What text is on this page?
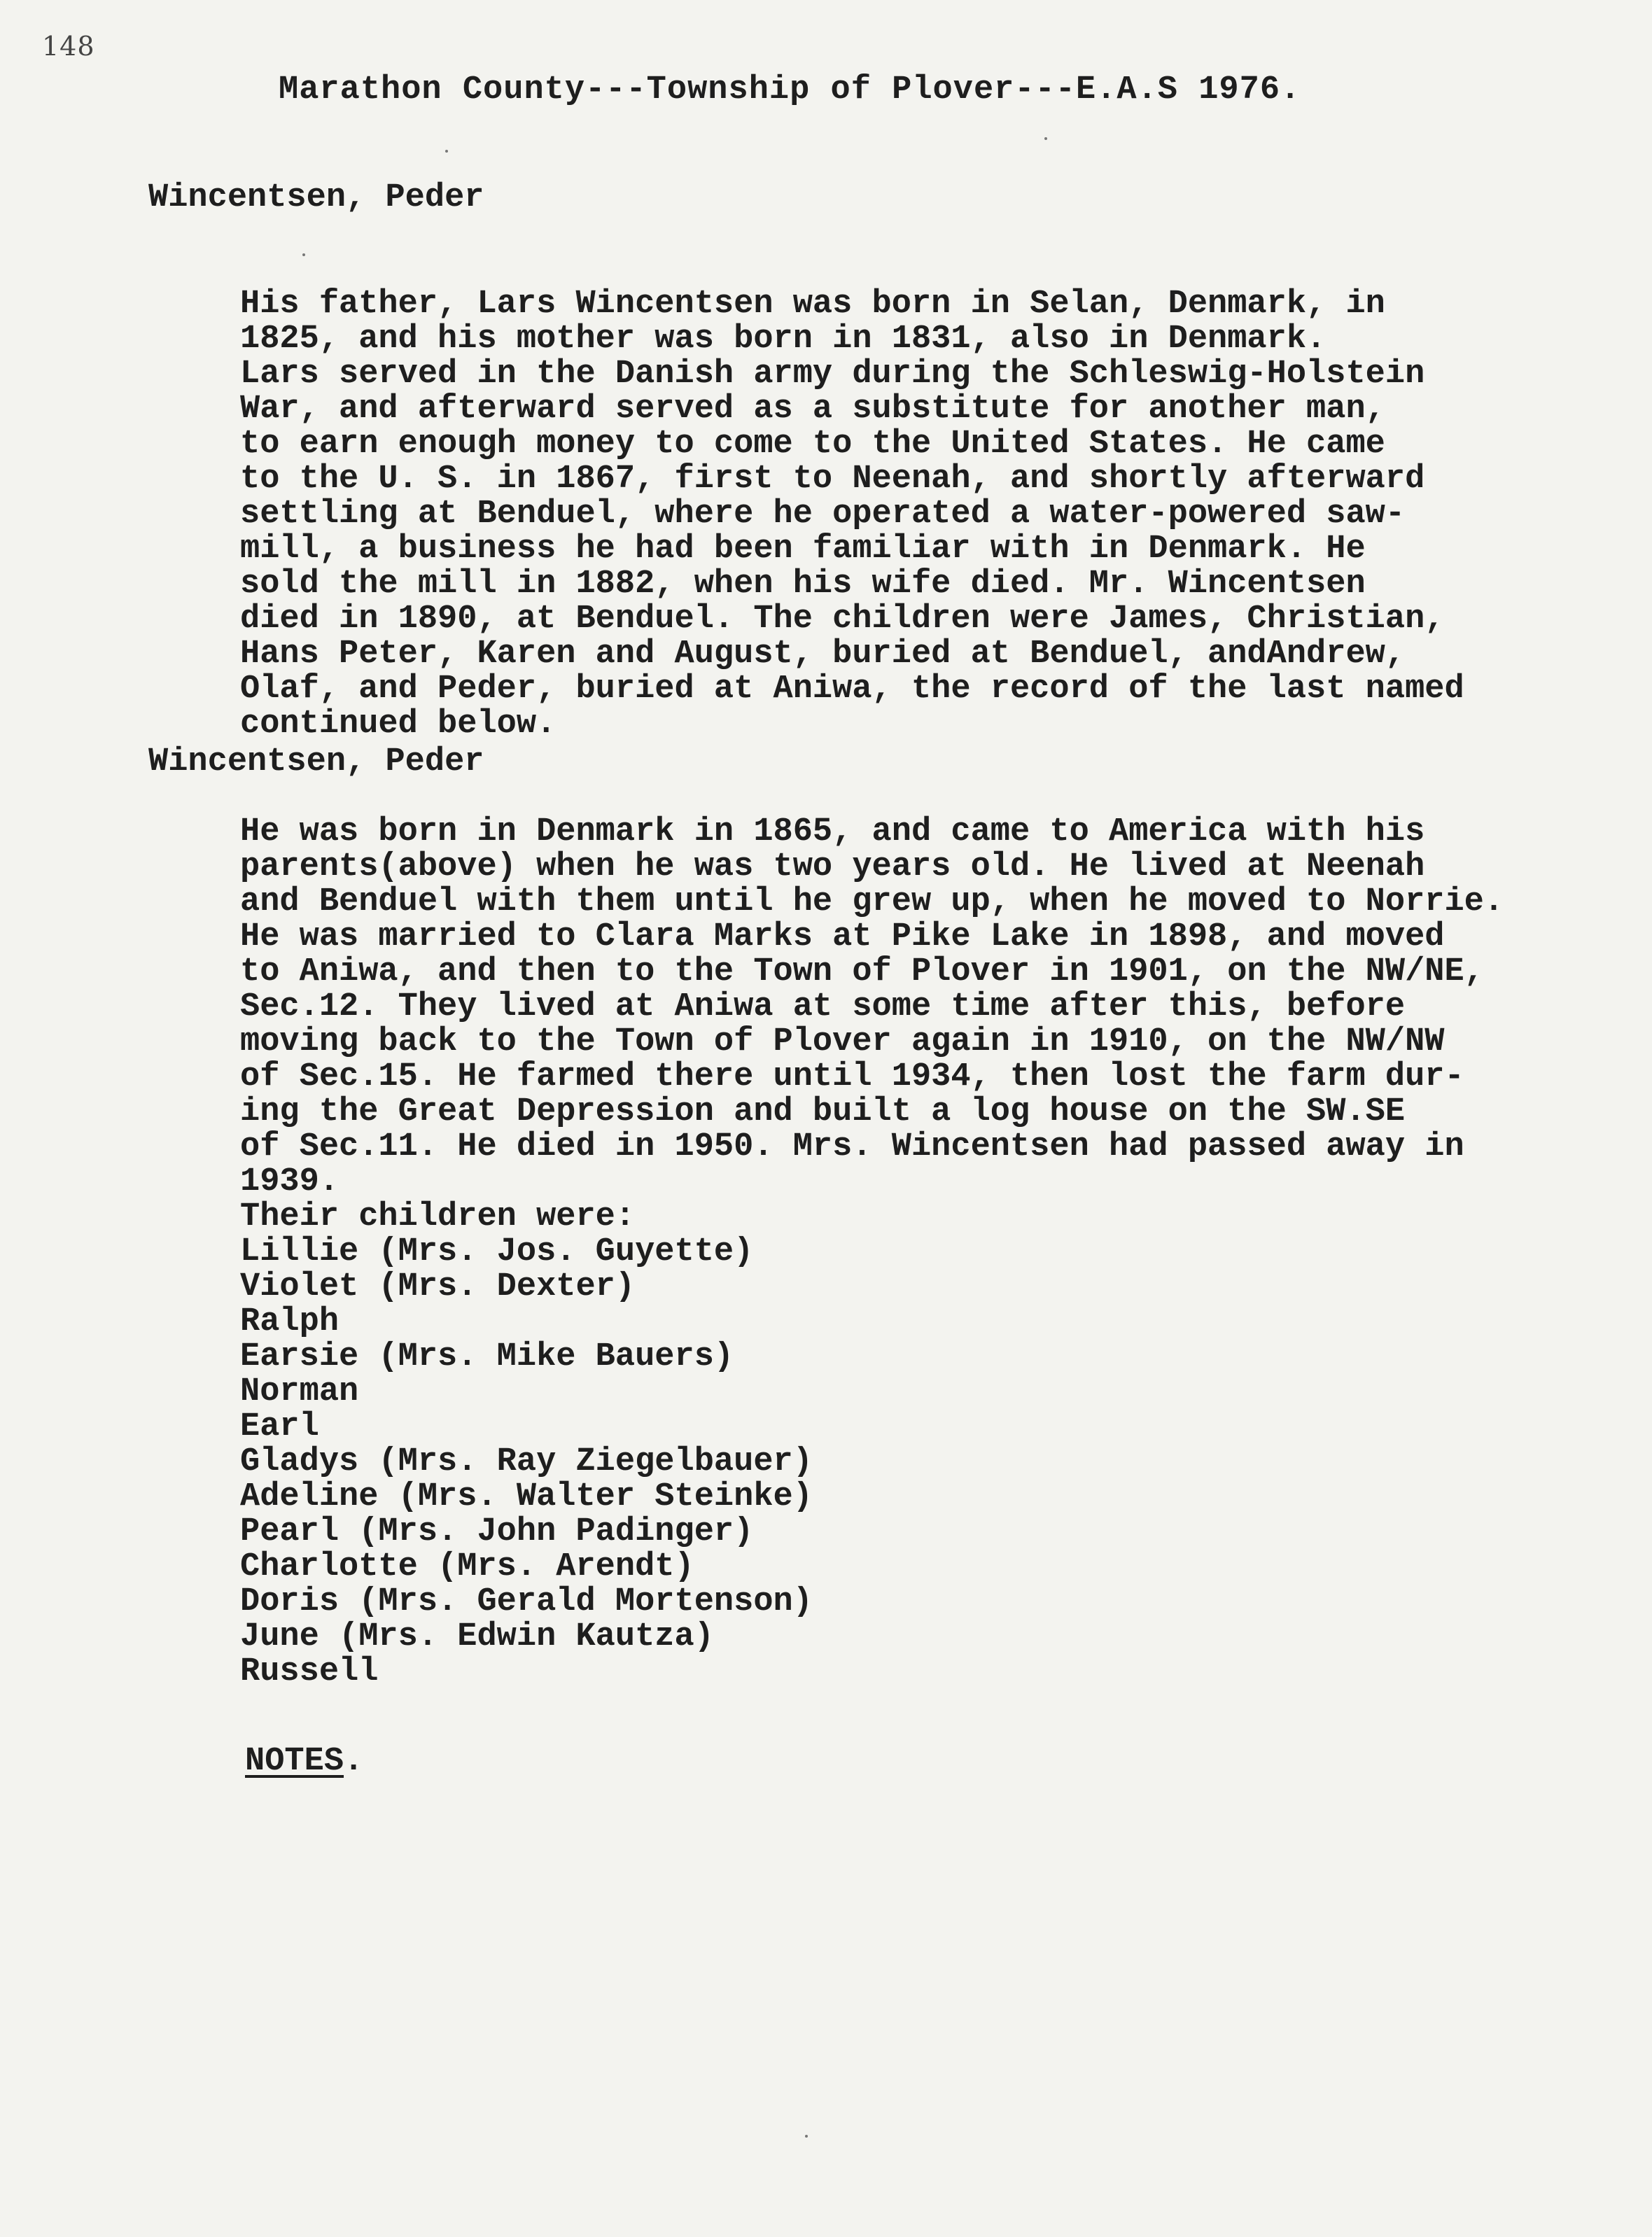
148
Marathon County---Township of Plover---E.A.S 1976.
Wincentsen, Peder
His father, Lars Wincentsen was born in Selan, Denmark, in
1825, and his mother was born in 1831, also in Denmark.
Lars served in the Danish army during the Schleswig-Holstein
War, and afterward served as a substitute for another man,
to earn enough money to come to the United States. He came
to the U. S. in 1867, first to Neenah, and shortly afterward
settling at Benduel, where he operated a water-powered saw-
mill, a business he had been familiar with in Denmark. He
sold the mill in 1882, when his wife died. Mr. Wincentsen
died in 1890, at Benduel. The children were James, Christian,
Hans Peter, Karen and August, buried at Benduel, andAndrew,
Olaf, and Peder, buried at Aniwa, the record of the last named
continued below.
Wincentsen, Peder
He was born in Denmark in 1865, and came to America with his
parents(above) when he was two years old. He lived at Neenah
and Benduel with them until he grew up, when he moved to Norrie.
He was married to Clara Marks at Pike Lake in 1898, and moved
to Aniwa, and then to the Town of Plover in 1901, on the NW/NE,
Sec.12. They lived at Aniwa at some time after this, before
moving back to the Town of Plover again in 1910, on the NW/NW
of Sec.15. He farmed there until 1934, then lost the farm dur-
ing the Great Depression and built a log house on the SW.SE
of Sec.11. He died in 1950. Mrs. Wincentsen had passed away in
1939.
Their children were:
Lillie (Mrs. Jos. Guyette)
Violet (Mrs. Dexter)
Ralph
Earsie (Mrs. Mike Bauers)
Norman
Earl
Gladys (Mrs. Ray Ziegelbauer)
Adeline (Mrs. Walter Steinke)
Pearl (Mrs. John Padinger)
Charlotte (Mrs. Arendt)
Doris (Mrs. Gerald Mortenson)
June (Mrs. Edwin Kautza)
Russell
NOTES.
